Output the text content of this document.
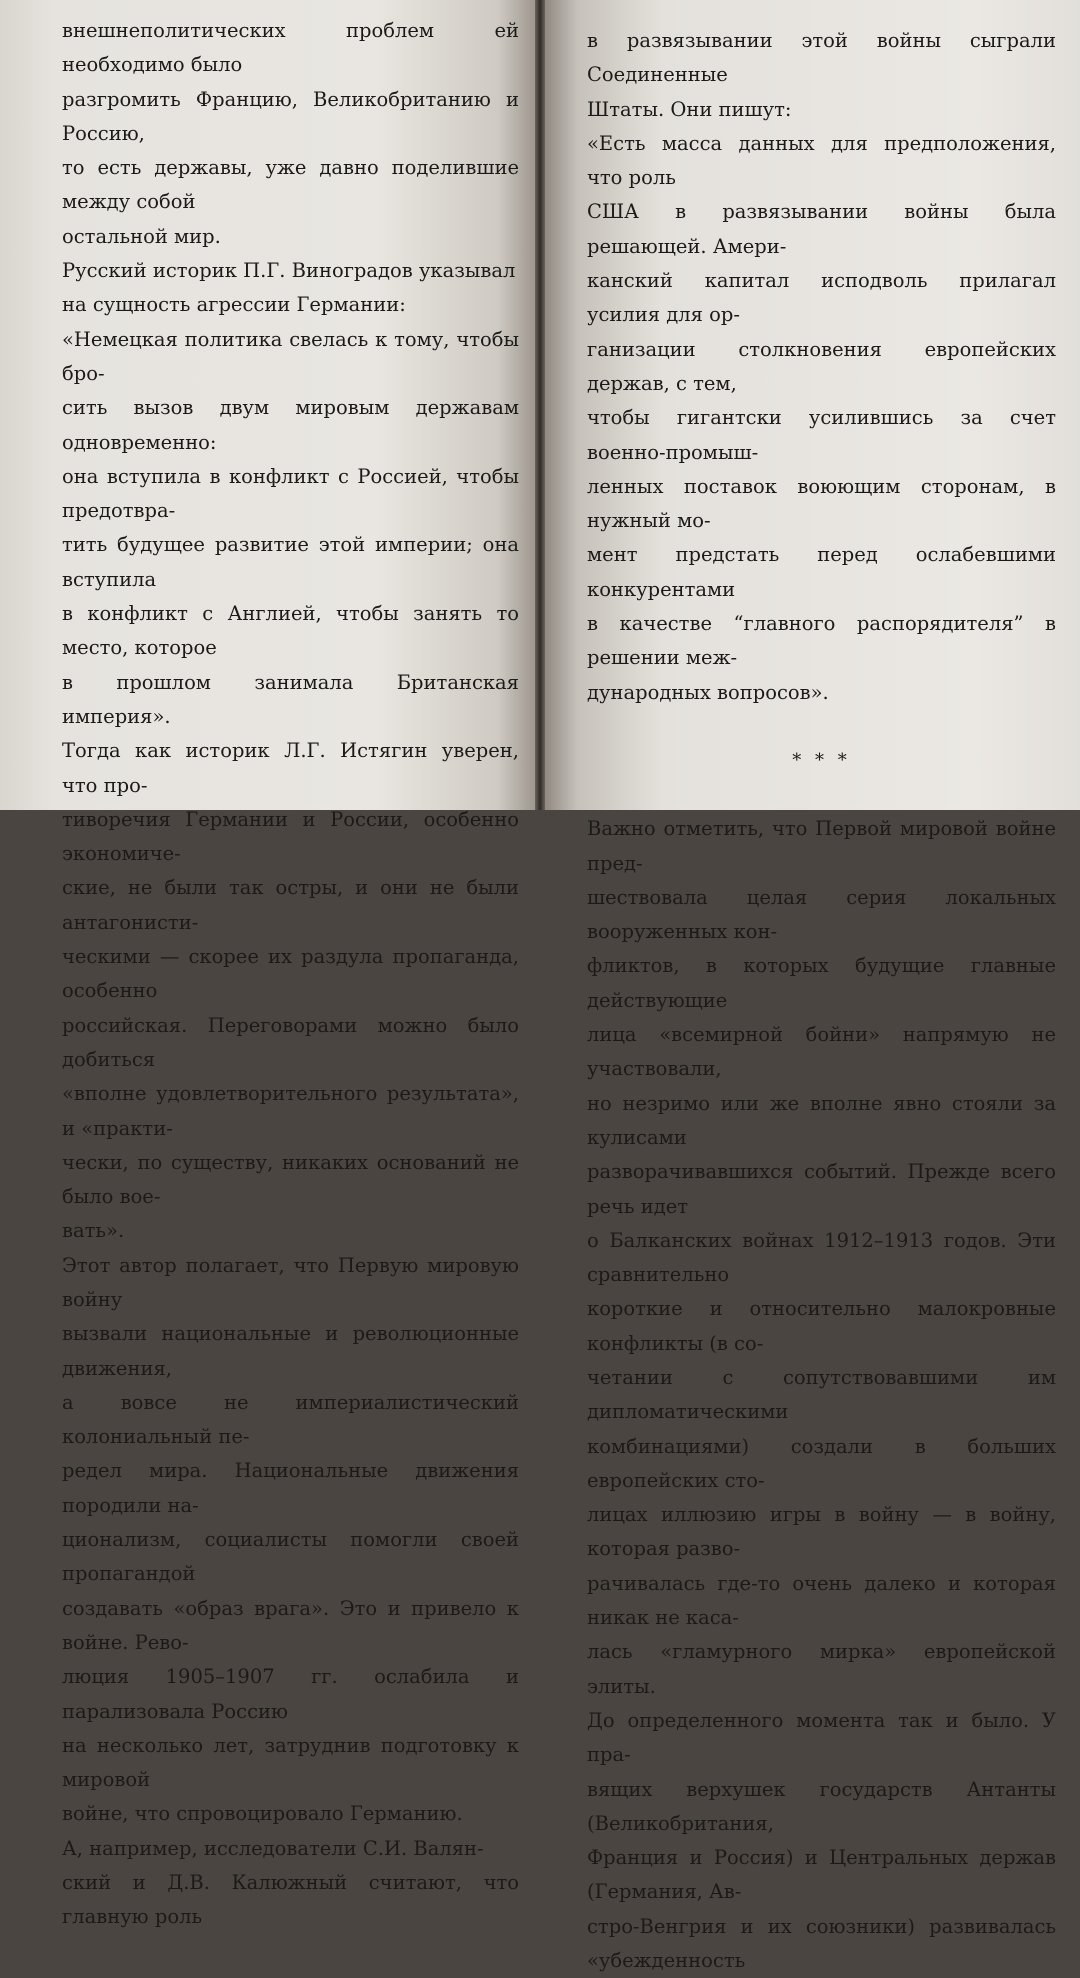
внешнеполитических проблем ей необходимо было
разгромить Францию, Великобританию и Россию,
то есть державы, уже давно поделившие между собой
остальной мир.

Русский историк П.Г. Виноградов указывал
на сущность агрессии Германии:

«Немецкая политика свелась к тому, чтобы бро-
сить вызов двум мировым державам одновременно:
она вступила в конфликт с Россией, чтобы предотвра-
тить будущее развитие этой империи; она вступила
в конфликт с Англией, чтобы занять то место, которое
в прошлом занимала Британская империя».

Тогда как историк Л.Г. Истягин уверен, что про-
тиворечия Германии и России, особенно экономиче-
ские, не были так остры, и они не были антагонисти-
ческими — скорее их раздула пропаганда, особенно
российская. Переговорами можно было добиться
«вполне удовлетворительного результата», и «практи-
чески, по существу, никаких оснований не было вое-
вать».

Этот автор полагает, что Первую мировую войну
вызвали национальные и революционные движения,
а вовсе не империалистический колониальный пе-
редел мира. Национальные движения породили на-
ционализм, социалисты помогли своей пропагандой
создавать «образ врага». Это и привело к войне. Рево-
люция 1905–1907 гг. ослабила и парализовала Россию
на несколько лет, затруднив подготовку к мировой
войне, что спровоцировало Германию.

А, например, исследователи С.И. Валян-
ский и Д.В. Калюжный считают, что главную роль

в развязывании этой войны сыграли Соединенные
Штаты. Они пишут:

«Есть масса данных для предположения, что роль
США в развязывании войны была решающей. Амери-
канский капитал исподволь прилагал усилия для ор-
ганизации столкновения европейских держав, с тем,
чтобы гигантски усилившись за счет военно-промыш-
ленных поставок воюющим сторонам, в нужный мо-
мент предстать перед ослабевшими конкурентами
в качестве “главного распорядителя” в решении меж-
дународных вопросов».

* * *

Важно отметить, что Первой мировой войне пред-
шествовала целая серия локальных вооруженных кон-
фликтов, в которых будущие главные действующие
лица «всемирной бойни» напрямую не участвовали,
но незримо или же вполне явно стояли за кулисами
разворачивавшихся событий. Прежде всего речь идет
о Балканских войнах 1912–1913 годов. Эти сравнительно
короткие и относительно малокровные конфликты (в со-
четании с сопутствовавшими им дипломатическими
комбинациями) создали в больших европейских сто-
лицах иллюзию игры в войну — в войну, которая разво-
рачивалась где-то очень далеко и которая никак не каса-
лась «гламурного мирка» европейской элиты.

До определенного момента так и было. У пра-
вящих верхушек государств Антанты (Великобритания,
Франция и Россия) и Центральных держав (Германия, Ав-
стро-Венгрия и их союзники) развивалась «убежденность
